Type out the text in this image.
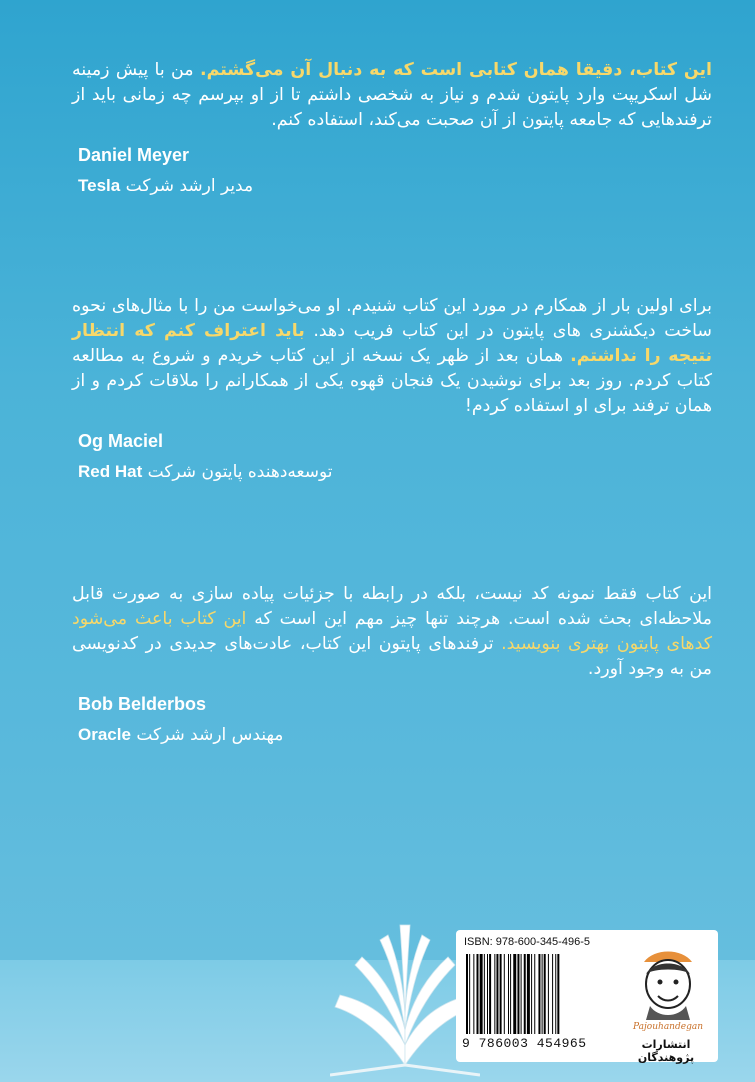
این کتاب، دقیقا همان کتابی است که به دنبال آن می‌گشتم. من با پیش زمینه شل اسکریپت وارد پایتون شدم و نیاز به شخصی داشتم تا از او بپرسم چه زمانی باید از ترفندهایی که جامعه پایتون از آن صحبت می‌کند، استفاده کنم.

Daniel Meyer
مدیر ارشد شرکت Tesla

برای اولین بار از همکارم در مورد این کتاب شنیدم. او می‌خواست من را با مثال‌های نحوه ساخت دیکشنری های پایتون در این کتاب فریب دهد. باید اعتراف کنم که انتظار نتیجه را نداشتم. همان بعد از ظهر یک نسخه از این کتاب خریدم و شروع به مطالعه کتاب کردم. روز بعد برای نوشیدن یک فنجان قهوه یکی از همکارانم را ملاقات کردم و از همان ترفند برای او استفاده کردم!

Og Maciel
توسعه‌دهنده پایتون شرکت Red Hat

این کتاب فقط نمونه کد نیست، بلکه در رابطه با جزئیات پیاده سازی به صورت قابل ملاحظه‌ای بحث شده است. هرچند تنها چیز مهم این است که این کتاب باعث می‌شود کدهای پایتون بهتری بنویسید. ترفندهای پایتون این کتاب، عادت‌های جدیدی در کدنویسی من به وجود آورد.

Bob Belderbos
مهندس ارشد شرکت Oracle
ISBN: 978-600-345-496-5
9 786003 454965
Pajouhandegan
انتشارات پژوهندگان
